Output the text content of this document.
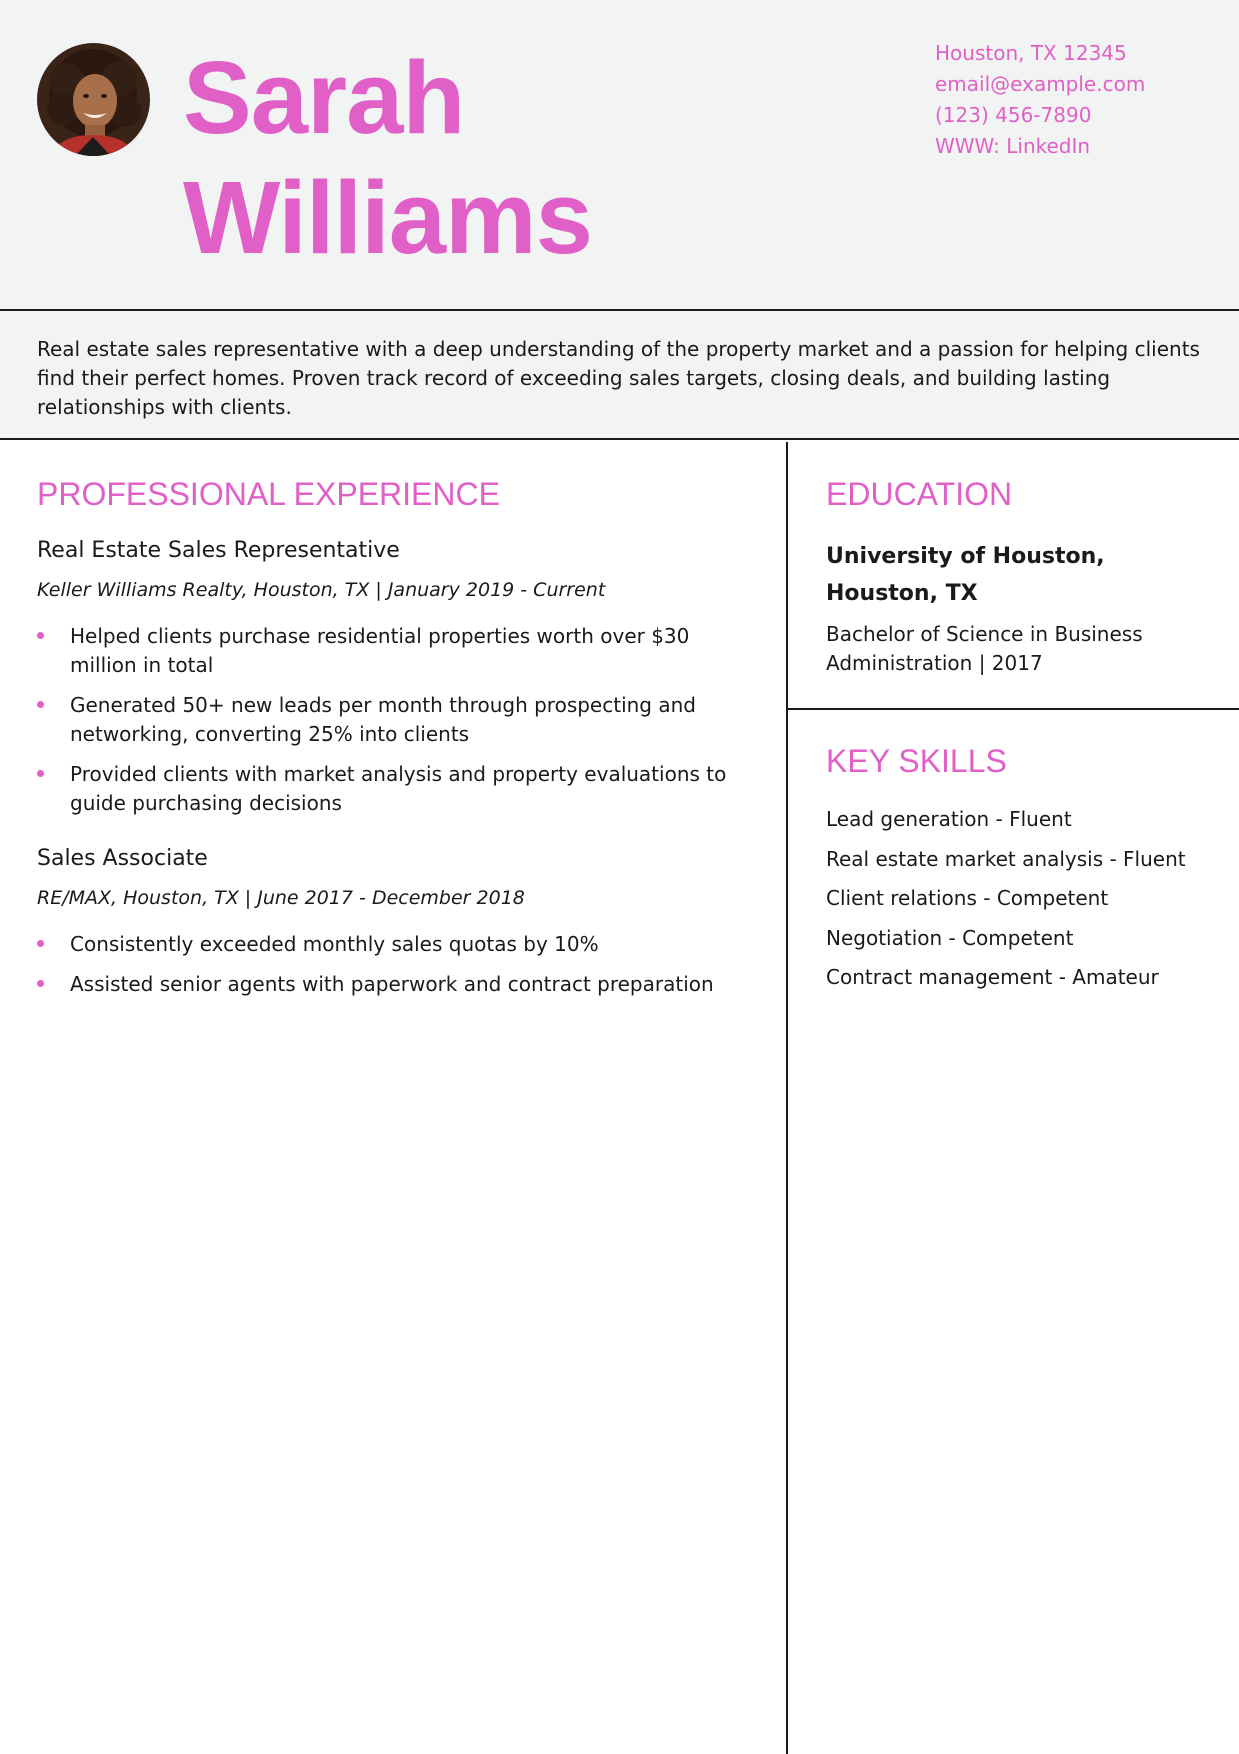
Sarah
Williams
Houston, TX 12345
email@example.com
(123) 456-7890
WWW: LinkedIn

Real estate sales representative with a deep understanding of the property market and a passion for helping clients find their perfect homes. Proven track record of exceeding sales targets, closing deals, and building lasting relationships with clients.

PROFESSIONAL EXPERIENCE
Real Estate Sales Representative

Keller Williams Realty, Houston, TX | January 2019 - Current

Helped clients purchase residential properties worth over $30 million in total
Generated 50+ new leads per month through prospecting and networking, converting 25% into clients
Provided clients with market analysis and property evaluations to guide purchasing decisions
Sales Associate

RE/MAX, Houston, TX | June 2017 - December 2018

Consistently exceeded monthly sales quotas by 10%
Assisted senior agents with paperwork and contract preparation
EDUCATION

University of Houston, Houston, TX

Bachelor of Science in Business Administration | 2017

KEY SKILLS
Lead generation - Fluent
Real estate market analysis - Fluent
Client relations - Competent
Negotiation - Competent
Contract management - Amateur
